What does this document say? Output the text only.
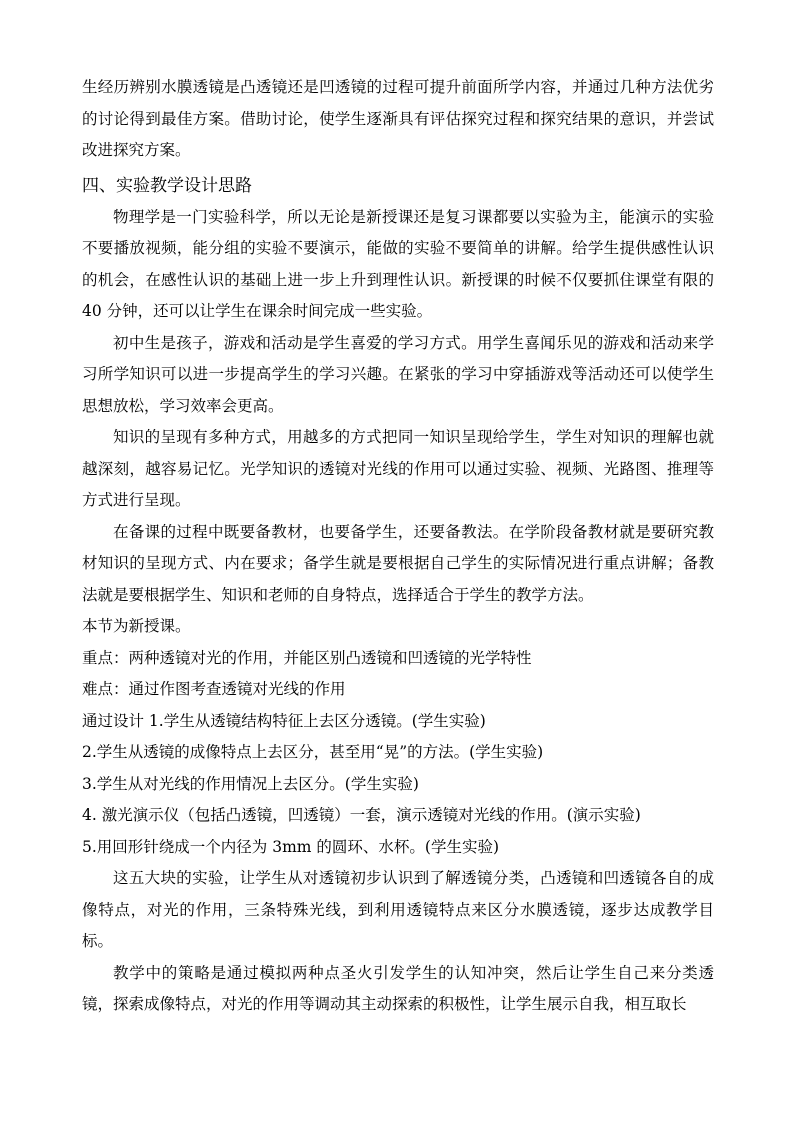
生经历辨别水膜透镜是凸透镜还是凹透镜的过程可提升前面所学内容，并通过几种方法优劣的讨论得到最佳方案。借助讨论，使学生逐渐具有评估探究过程和探究结果的意识，并尝试改进探究方案。

四、实验教学设计思路

物理学是一门实验科学，所以无论是新授课还是复习课都要以实验为主，能演示的实验不要播放视频，能分组的实验不要演示，能做的实验不要简单的讲解。给学生提供感性认识的机会，在感性认识的基础上进一步上升到理性认识。新授课的时候不仅要抓住课堂有限的 40 分钟，还可以让学生在课余时间完成一些实验。

初中生是孩子，游戏和活动是学生喜爱的学习方式。用学生喜闻乐见的游戏和活动来学习所学知识可以进一步提高学生的学习兴趣。在紧张的学习中穿插游戏等活动还可以使学生思想放松，学习效率会更高。

知识的呈现有多种方式，用越多的方式把同一知识呈现给学生，学生对知识的理解也就越深刻，越容易记忆。光学知识的透镜对光线的作用可以通过实验、视频、光路图、推理等方式进行呈现。

在备课的过程中既要备教材，也要备学生，还要备教法。在学阶段备教材就是要研究教材知识的呈现方式、内在要求；备学生就是要根据自己学生的实际情况进行重点讲解；备教法就是要根据学生、知识和老师的自身特点，选择适合于学生的教学方法。

本节为新授课。

重点：两种透镜对光的作用，并能区别凸透镜和凹透镜的光学特性

难点：通过作图考查透镜对光线的作用

通过设计 1.学生从透镜结构特征上去区分透镜。(学生实验)

2.学生从透镜的成像特点上去区分，甚至用“晃”的方法。(学生实验)

3.学生从对光线的作用情况上去区分。(学生实验)

4. 激光演示仪（包括凸透镜，凹透镜）一套，演示透镜对光线的作用。(演示实验)

5.用回形针绕成一个内径为 3mm 的圆环、水杯。(学生实验)

这五大块的实验，让学生从对透镜初步认识到了解透镜分类，凸透镜和凹透镜各自的成像特点，对光的作用，三条特殊光线，到利用透镜特点来区分水膜透镜，逐步达成教学目标。

教学中的策略是通过模拟两种点圣火引发学生的认知冲突，然后让学生自己来分类透镜，探索成像特点，对光的作用等调动其主动探索的积极性，让学生展示自我，相互取长
